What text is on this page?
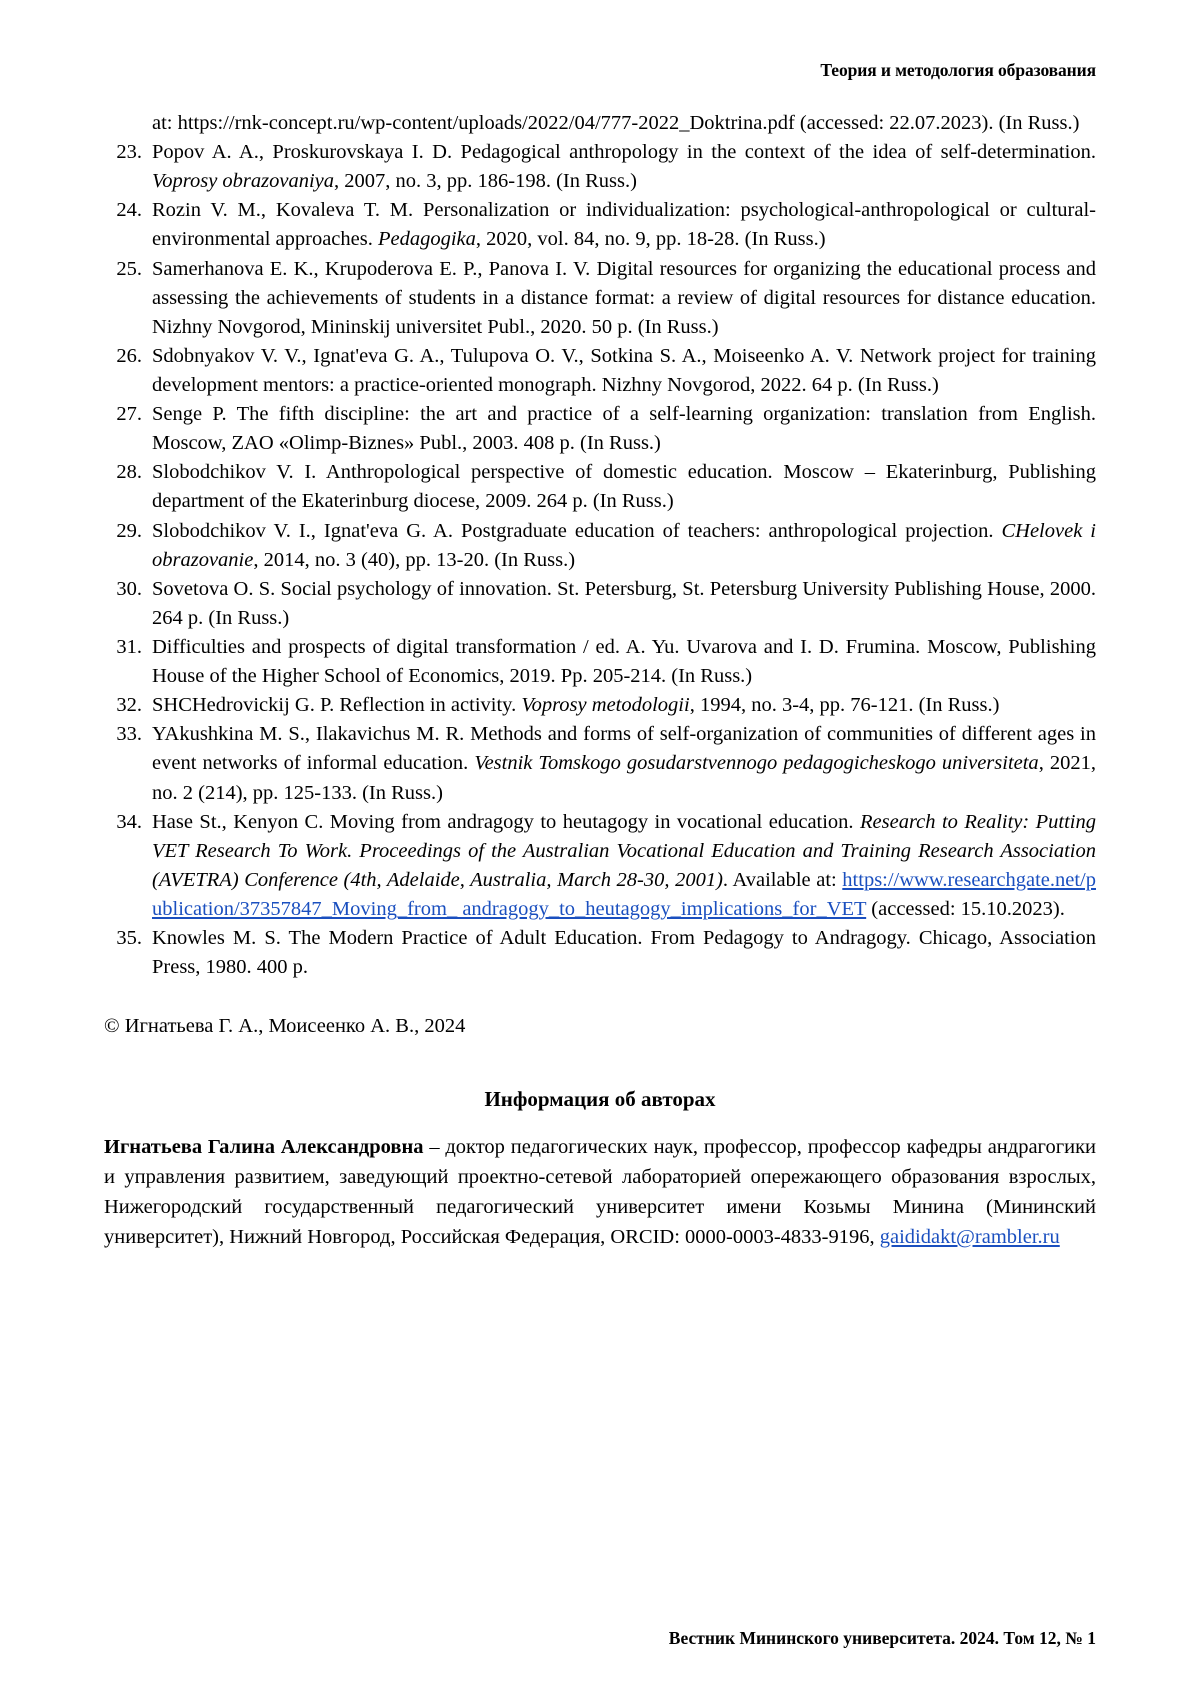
Теория и методология образования

at: https://rnk-concept.ru/wp-content/uploads/2022/04/777-2022_Doktrina.pdf (accessed: 22.07.2023). (In Russ.)

23. Popov A. A., Proskurovskaya I. D. Pedagogical anthropology in the context of the idea of self-determination. Voprosy obrazovaniya, 2007, no. 3, pp. 186-198. (In Russ.)
24. Rozin V. M., Kovaleva T. M. Personalization or individualization: psychological-anthropological or cultural-environmental approaches. Pedagogika, 2020, vol. 84, no. 9, pp. 18-28. (In Russ.)
25. Samerhanova E. K., Krupoderova E. P., Panova I. V. Digital resources for organizing the educational process and assessing the achievements of students in a distance format: a review of digital resources for distance education. Nizhny Novgorod, Mininskij universitet Publ., 2020. 50 p. (In Russ.)
26. Sdobnyakov V. V., Ignat'eva G. A., Tulupova O. V., Sotkina S. A., Moiseenko A. V. Network project for training development mentors: a practice-oriented monograph. Nizhny Novgorod, 2022. 64 p. (In Russ.)
27. Senge P. The fifth discipline: the art and practice of a self-learning organization: translation from English. Moscow, ZAO «Olimp-Biznes» Publ., 2003. 408 p. (In Russ.)
28. Slobodchikov V. I. Anthropological perspective of domestic education. Moscow – Ekaterinburg, Publishing department of the Ekaterinburg diocese, 2009. 264 p. (In Russ.)
29. Slobodchikov V. I., Ignat'eva G. A. Postgraduate education of teachers: anthropological projection. CHelovek i obrazovanie, 2014, no. 3 (40), pp. 13-20. (In Russ.)
30. Sovetova O. S. Social psychology of innovation. St. Petersburg, St. Petersburg University Publishing House, 2000. 264 p. (In Russ.)
31. Difficulties and prospects of digital transformation / ed. A. Yu. Uvarova and I. D. Frumina. Moscow, Publishing House of the Higher School of Economics, 2019. Pp. 205-214. (In Russ.)
32. SHCHedrovickij G. P. Reflection in activity. Voprosy metodologii, 1994, no. 3-4, pp. 76-121. (In Russ.)
33. YAkushkina M. S., Ilakavichus M. R. Methods and forms of self-organization of communities of different ages in event networks of informal education. Vestnik Tomskogo gosudarstvennogo pedagogicheskogo universiteta, 2021, no. 2 (214), pp. 125-133. (In Russ.)
34. Hase St., Kenyon C. Moving from andragogy to heutagogy in vocational education. Research to Reality: Putting VET Research To Work. Proceedings of the Australian Vocational Education and Training Research Association (AVETRA) Conference (4th, Adelaide, Australia, March 28-30, 2001). Available at: https://www.researchgate.net/publication/37357847_Moving_from_ andragogy_to_heutagogy_implications_for_VET (accessed: 15.10.2023).
35. Knowles M. S. The Modern Practice of Adult Education. From Pedagogy to Andragogy. Chicago, Association Press, 1980. 400 p.

© Игнатьева Г. А., Моисеенко А. В., 2024

Информация об авторах

Игнатьева Галина Александровна – доктор педагогических наук, профессор, профессор кафедры андрагогики и управления развитием, заведующий проектно-сетевой лабораторией опережающего образования взрослых, Нижегородский государственный педагогический университет имени Козьмы Минина (Мининский университет), Нижний Новгород, Российская Федерация, ORCID: 0000-0003-4833-9196, gaididakt@rambler.ru

Вестник Мининского университета. 2024. Том 12, № 1
